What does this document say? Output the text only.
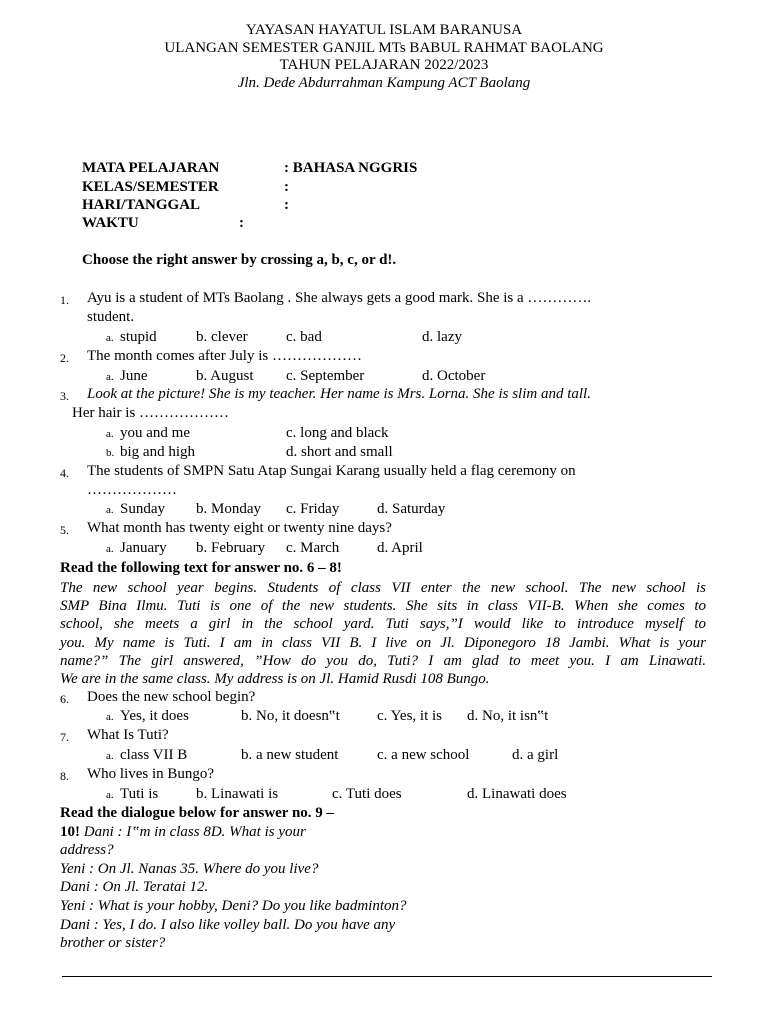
YAYASAN HAYATUL ISLAM BARANUSA
ULANGAN SEMESTER GANJIL MTs BABUL RAHMAT BAOLANG
TAHUN PELAJARAN 2022/2023
Jln. Dede Abdurrahman Kampung ACT Baolang
MATA PELAJARAN	: BAHASA NGGRIS
KELAS/SEMESTER	:
HARI/TANGGAL	:
WAKTU	:
Choose the right answer by crossing a, b, c, or d!.
1. Ayu is a student of MTs Baolang . She always gets a good mark. She is a ………….
student.
a. stupid	b. clever	c. bad	d. lazy
2. The month comes after July is ………………
a. June	b. August c. September	d. October
3. Look at the picture! She is my teacher. Her name is Mrs. Lorna. She is slim and tall.
Her hair is ………………
a. you and me	c. long and black
b. big and high	d. short and small
4. The students of SMPN Satu Atap Sungai Karang usually held a flag ceremony on
………………
a. Sunday b. Monday c. Friday	d. Saturday
5. What month has twenty eight or twenty nine days?
a. January b. February c. March	d. April
Read the following text for answer no. 6 – 8!
The new school year begins. Students of class VII enter the new school. The new school is
SMP Bina Ilmu. Tuti is one of the new students. She sits in class VII-B. When she comes to
school, she meets a girl in the school yard. Tuti says,”I would like to introduce myself to
you. My name is Tuti. I am in class VII B. I live on Jl. Diponegoro 18 Jambi. What is your
name?” The girl answered, ”How do you do, Tuti? I am glad to meet you. I am Linawati.
We are in the same class. My address is on Jl. Hamid Rusdi 108 Bungo.
6. Does the new school begin?
a. Yes, it does	b. No, it doesn‟t c. Yes, it is d. No, it isn‟t
7. What Is Tuti?
a. class VII B	b. a new student	c. a new school	d. a girl
8. Who lives in Bungo?
a. Tuti is	b. Linawati is	c. Tuti does	d. Linawati does
Read the dialogue below for answer no. 9 –
10! Dani : I‟m in class 8D. What is your
address?
Yeni : On Jl. Nanas 35. Where do you live?
Dani : On Jl. Teratai 12.
Yeni : What is your hobby, Deni? Do you like badminton?
Dani : Yes, I do. I also like volley ball. Do you have any
brother or sister?
